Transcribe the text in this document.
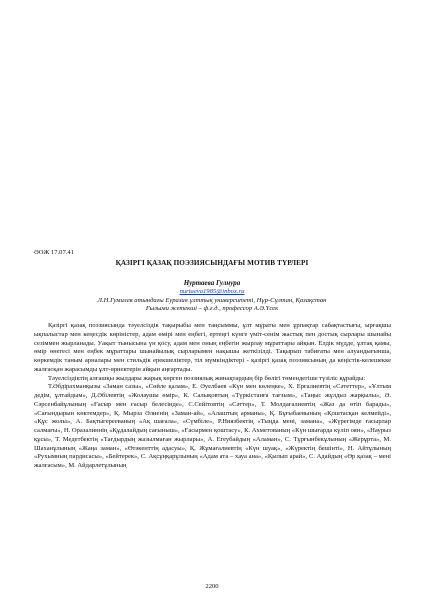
ӘОЖ 17.07.41
ҚАЗІРГІ ҚАЗАҚ ПОЭЗИЯСЫНДАҒЫ МОТИВ ТҮРЛЕРІ
Нуртаева Гулнура
nurtaeva1985@inbox.ru
Л.Н.Гумилев атындағы Еуразия ұлттық университеті, Нұр-Сұлтан, Қазақстан
Ғылыми жетекші – ф.ғ.д., профессор А.Ә.Үсек

Қазіргі қазақ поэзиясында тәуелсіздік тақырыбы мен таңсыммы, ұлт мұраты мен ұрпақтар сабақтастығы, ырғақшы ықпалыстар мен кеңесдік көріністер, адам өмірі мен еңбегі, ертеңгі күнге үміт-сенім жастық пен достық сырлары шынайы сезіммен жырланады. Уақыт тынысына үн қосу, адам мен оның еңбегін жырлау мұраттары айқын. Елдік мүдде, ұлтақ қамы, өмір өнегесі мен еңбек мұраттары шынайылық сырларымен нақышы жеткізілді. Тақырып табиғаты мен алуандығынша, көркемдік таным арналары мен стильдік ерекшеліктер, тіл мүмкіндіктері - қазіргі қазақ поэзиясының да кеңістік-келешекке жалғасқан жарасымды ұлт-өрнектерін айқын аңғартады.

Тәуелсіздіктің алғашқы жылдары жарық көрген поэзиялық жинақтардың бір бөлігі төмендегіше түзіліс құрайды:

Т.Әбдірахманқызы «Заман сазы», «Сөйле қалам», Е. Әуелбаев «Күн мен көлеңке», Х. Ерғалиевтің «Сәтеттер», «Ұлтым дедім, ұлтайдым», Д.Әбілевтің «Жолаушы өмір», К. Салықовтың «Түркістанға тағзым», «Таңыс жұлдыз жарқылы», Ә. Сәрсенбайұлының «Ғасыр мен ғасыр белесінде», С.Сейітовтің «Сәттер», Т. Молдағалиевтің «Жаз да өтіп барады», «Сағындырын көктемдер», Қ. Мырза Әлиенің «Заман-ай», «Алаштың арманы», Қ. Бұғыбаевының «Қоштасқан келмейді», «Құс жолы», А. Бақтыгерееваның «Ақ шағала», «Сүмбіле», Р.Ниязбектің «Тыңда мені, замана», «Жүрегімде ғасырлар салмағы», Н. Оразалиннің «Құдалайдың сағыныш», «Ғасырмен қоштасу», К. Ахметованың «Күн шығарда күліп оян», «Наурыз құсы», Т. Медетбектің «Тағдырдың жазылмаған жырлары», А. Егеубайдың «Аламан», С. Тұрғынбекұлының «Жерұрта», М. Шаханұлының «Жаңа заман», «Өтәкенттің адасуы», Қ. Жұмағалиевтің «Күн шуақ», «Жүректің бешінті», Н. Айтұлының «Рухымның пардисасы», «Бейтерек», С. Ақсұңқарұлының «Адам ата – хауа ана», «Қылып арай», С. Адайдың «Өр қазақ – мені жалғасым», М. Айдарлетұлының

2200
